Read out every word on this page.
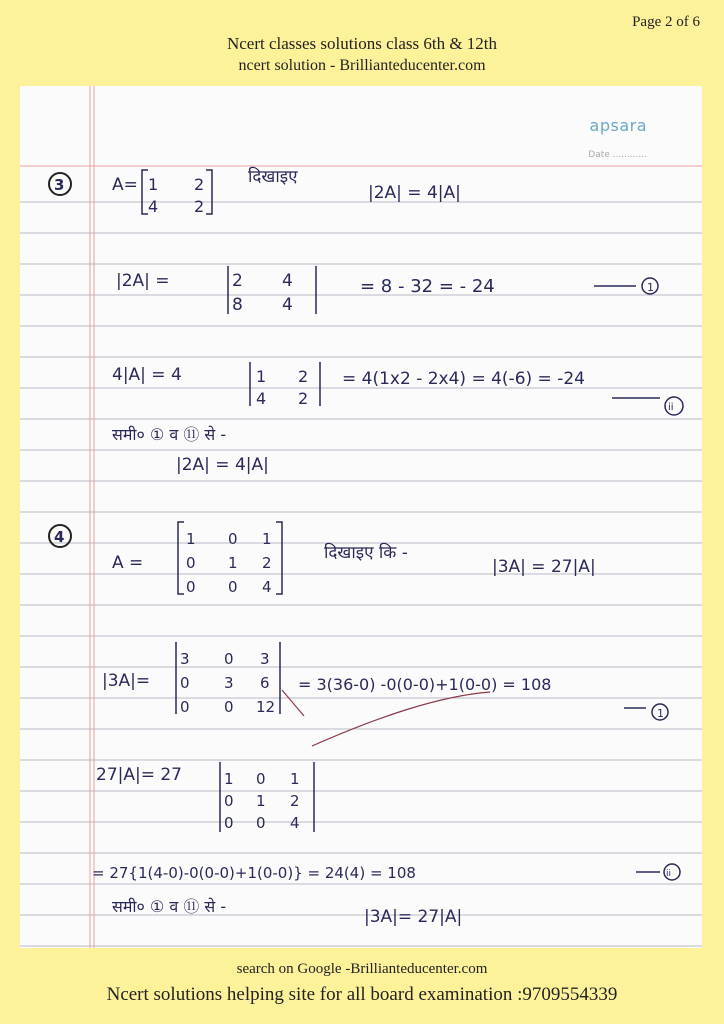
Page 2 of 6
Ncert classes solutions class 6th & 12th
ncert solution - Brillianteducenter.com
3	A= 1 2
4 2
दिखाइए
|2A| = 4|A|
|2A| =	2 4
8 4
= 8 - 32 = - 24	1
4|A| = 4	1 2
4 2
= 4(1x2 - 2x4) = 4(-6) = -24
ii
समी० ① व ⑪ से -
|2A| = 4|A|
4
A =
1 0 1
0 1 2
0 0 4
दिखाइए कि -
|3A| = 27|A|
|3A|=
3 0 3
0 3 6
0 0 12
= 3(36-0) -0(0-0)+1(0-0) = 108
1
27|A|= 27	1 0 1
0 1 2
0 0 4
= 27{1(4-0)-0(0-0)+1(0-0)} = 24(4) = 108	ii
समी० ① व ⑪ से -
|3A|= 27|A|
apsara
Date ............
search on Google -Brillianteducenter.com
Ncert solutions helping site for all board examination :9709554339
